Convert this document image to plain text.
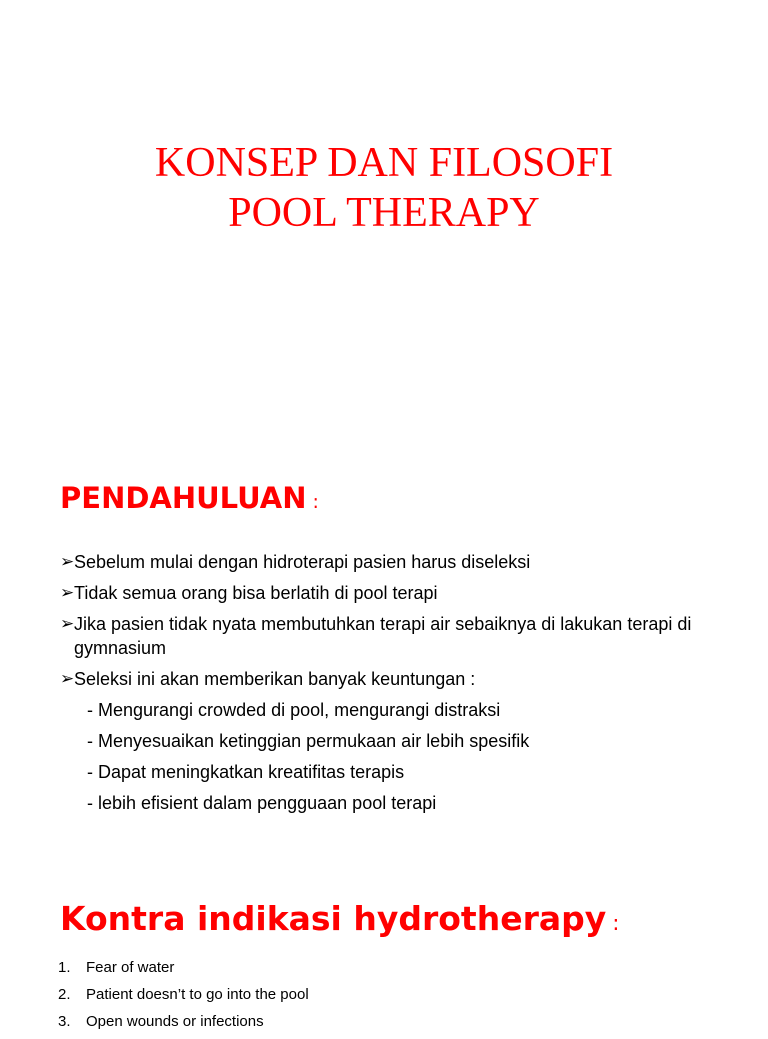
KONSEP DAN FILOSOFI
POOL THERAPY
PENDAHULUAN :
➢ Sebelum mulai dengan hidroterapi pasien harus diseleksi
➢ Tidak semua orang bisa berlatih di pool terapi
➢ Jika pasien tidak nyata membutuhkan terapi air sebaiknya di lakukan terapi di gymnasium
➢ Seleksi ini akan memberikan banyak keuntungan :
- Mengurangi crowded di pool, mengurangi distraksi
- Menyesuaikan ketinggian permukaan air lebih spesifik
- Dapat meningkatkan kreatifitas terapis
- lebih efisient dalam pengguaan pool terapi
Kontra indikasi hydrotherapy :
1. Fear of water
2. Patient doesn’t to go into the pool
3. Open wounds or infections
